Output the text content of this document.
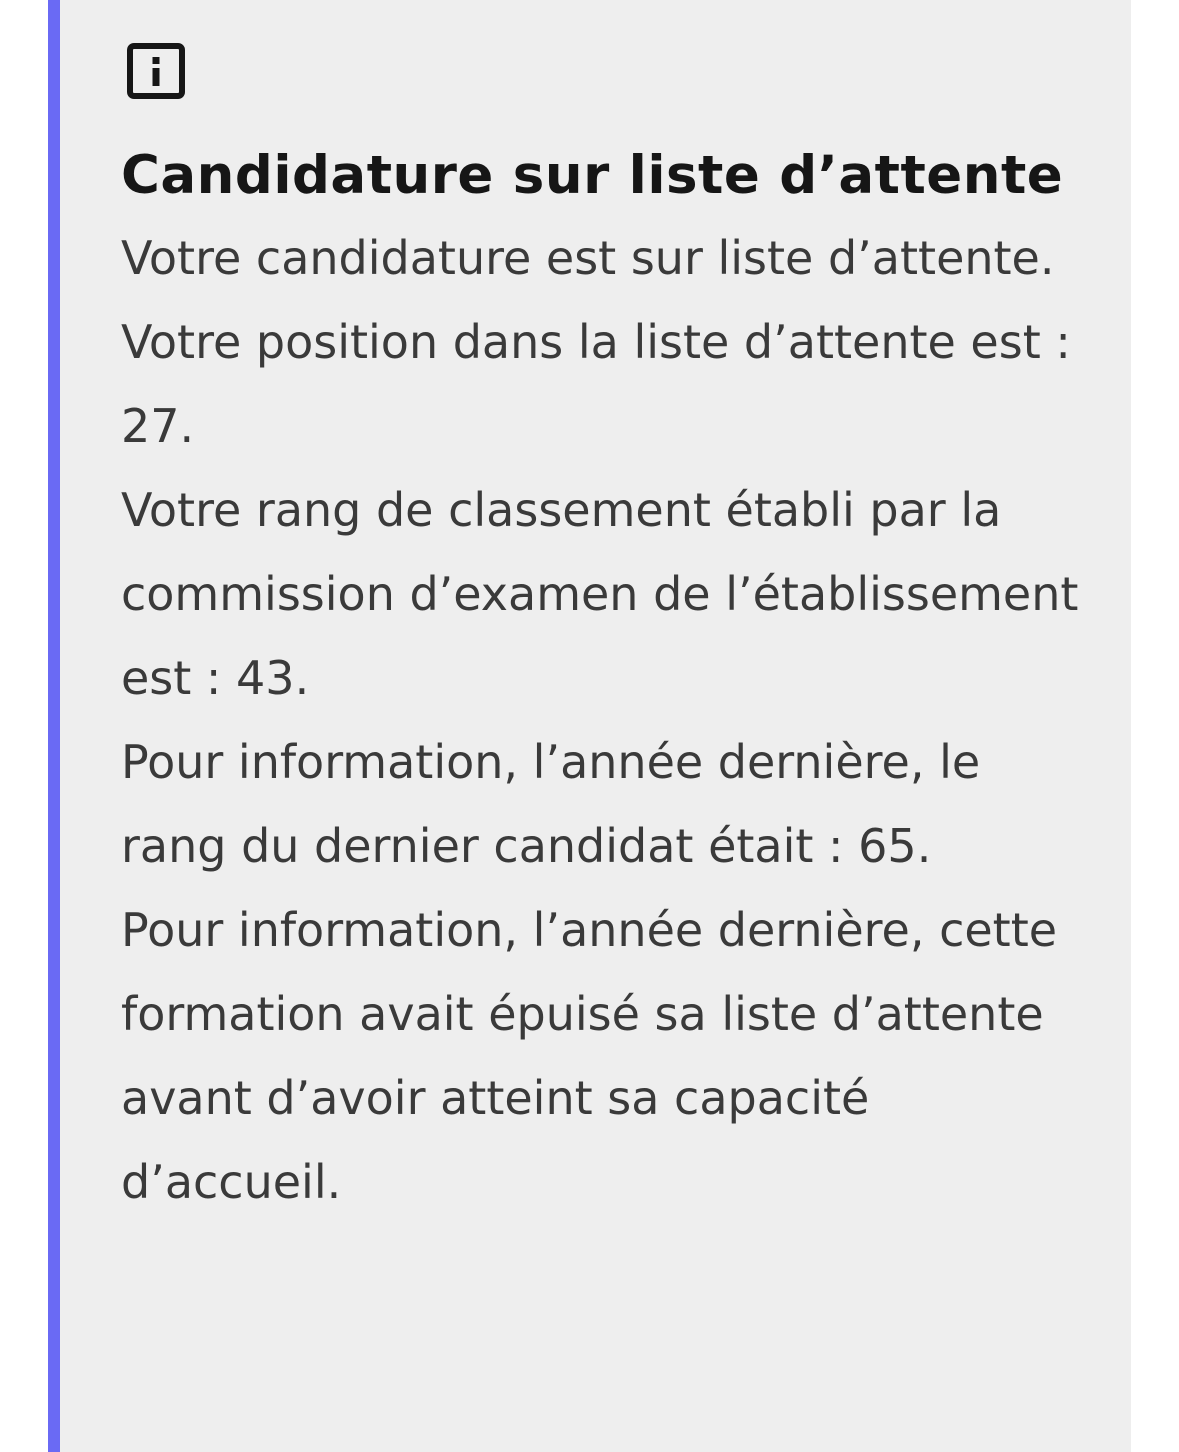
Candidature sur liste d’attente

Votre candidature est sur liste d’attente. Votre position dans la liste d’attente est : 27.

Votre rang de classement établi par la commission d’examen de l’établissement est : 43.

Pour information, l’année dernière, le rang du dernier candidat était : 65.

Pour information, l’année dernière, cette formation avait épuisé sa liste d’attente avant d’avoir atteint sa capacité d’accueil.
